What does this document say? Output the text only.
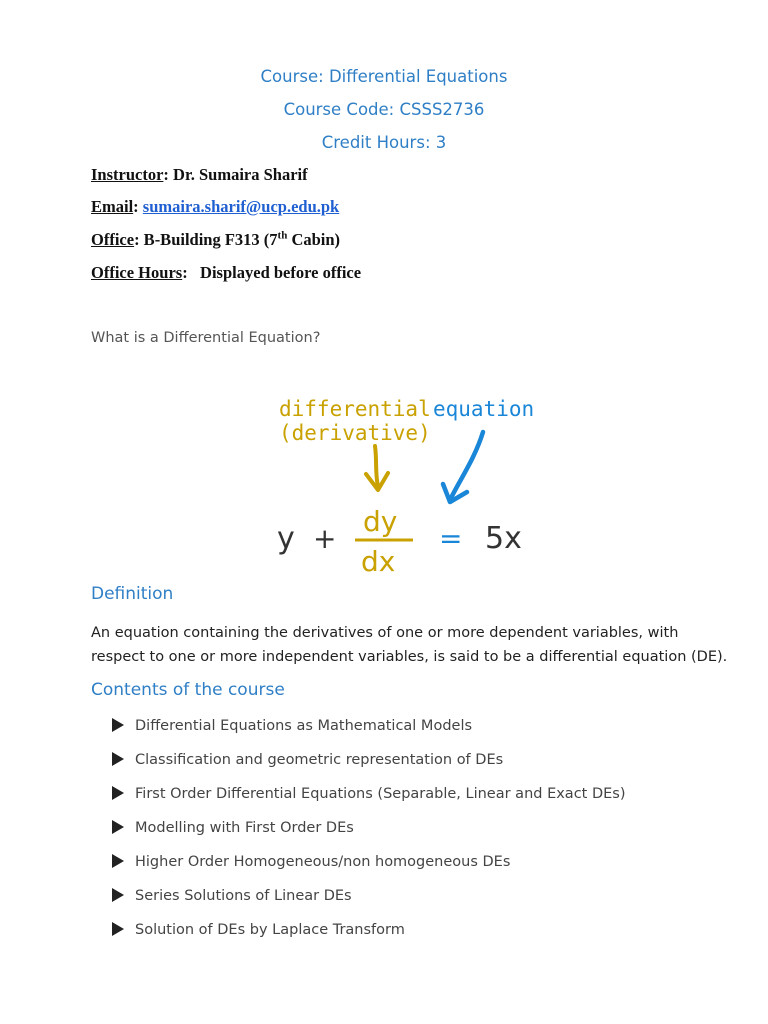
Course: Differential Equations
Course Code: CSSS2736
Credit Hours: 3
Instructor: Dr. Sumaira Sharif
Email: sumaira.sharif@ucp.edu.pk
Office: B-Building F313 (7th Cabin)
Office Hours:   Displayed before office
What is a Differential Equation?
differential
(derivative)
equation
y +
dy
dx
= 5x
Definition
An equation containing the derivatives of one or more dependent variables, with respect to one or more independent variables, is said to be a differential equation (DE).
Contents of the course
Differential Equations as Mathematical Models
Classification and geometric representation of DEs
First Order Differential Equations (Separable, Linear and Exact DEs)
Modelling with First Order DEs
Higher Order Homogeneous/non homogeneous DEs
Series Solutions of Linear DEs
Solution of DEs by Laplace Transform
